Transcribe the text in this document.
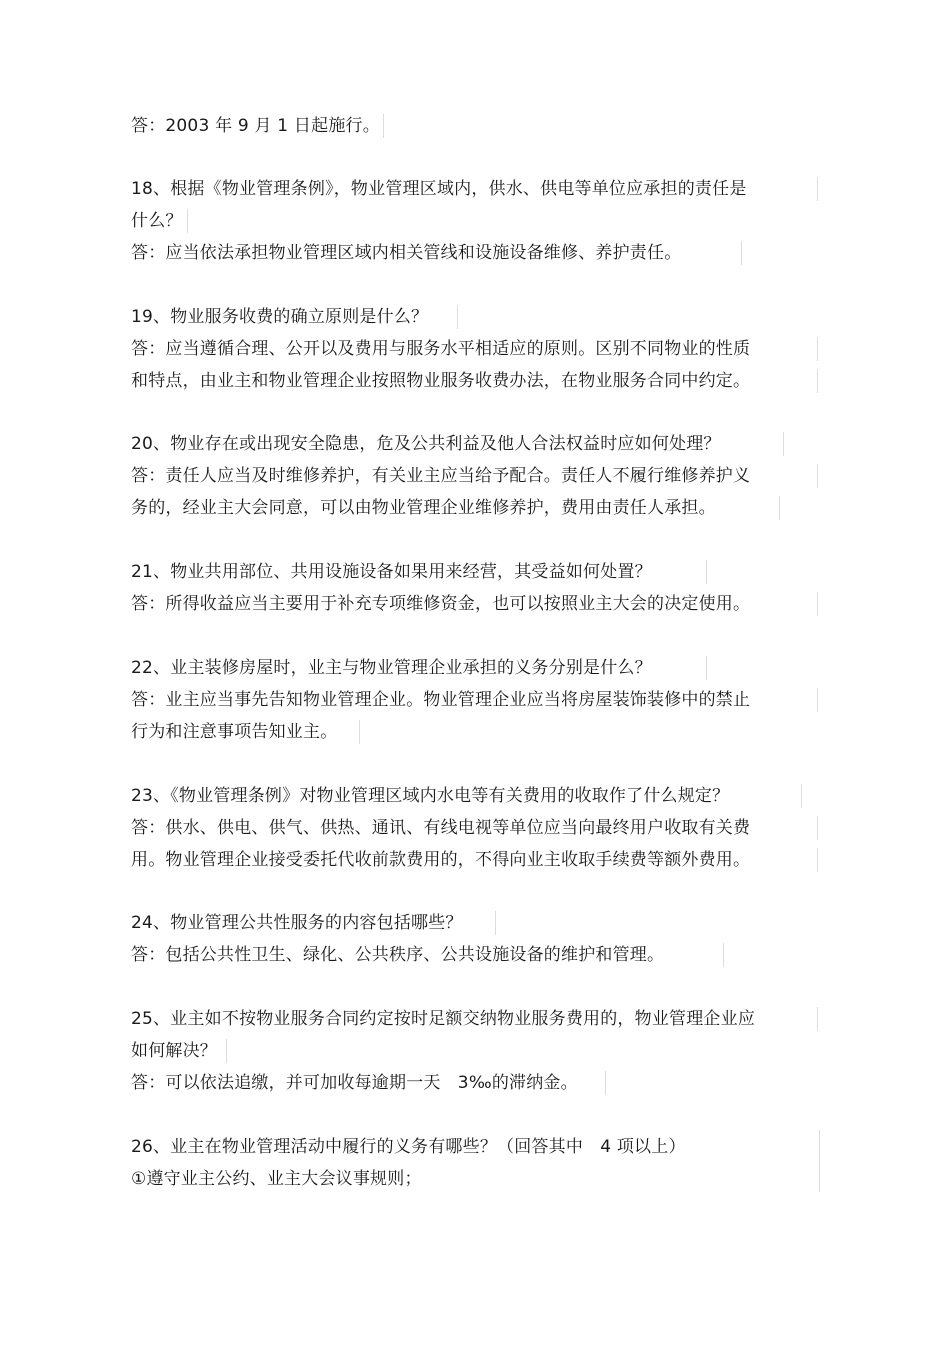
答：2003 年 9 月 1 日起施行。
18、根据《物业管理条例》，物业管理区域内，供水、供电等单位应承担的责任是
什么？
答：应当依法承担物业管理区域内相关管线和设施设备维修、养护责任。
19、物业服务收费的确立原则是什么？
答：应当遵循合理、公开以及费用与服务水平相适应的原则。区别不同物业的性质
和特点，由业主和物业管理企业按照物业服务收费办法，在物业服务合同中约定。
20、物业存在或出现安全隐患，危及公共利益及他人合法权益时应如何处理？
答：责任人应当及时维修养护，有关业主应当给予配合。责任人不履行维修养护义
务的，经业主大会同意，可以由物业管理企业维修养护，费用由责任人承担。
21、物业共用部位、共用设施设备如果用来经营，其受益如何处置？
答：所得收益应当主要用于补充专项维修资金，也可以按照业主大会的决定使用。
22、业主装修房屋时，业主与物业管理企业承担的义务分别是什么？
答：业主应当事先告知物业管理企业。物业管理企业应当将房屋装饰装修中的禁止
行为和注意事项告知业主。
23、《物业管理条例》对物业管理区域内水电等有关费用的收取作了什么规定？
答：供水、供电、供气、供热、通讯、有线电视等单位应当向最终用户收取有关费
用。物业管理企业接受委托代收前款费用的，不得向业主收取手续费等额外费用。
24、物业管理公共性服务的内容包括哪些？
答：包括公共性卫生、绿化、公共秩序、公共设施设备的维护和管理。
25、业主如不按物业服务合同约定按时足额交纳物业服务费用的，物业管理企业应
如何解决？
答：可以依法追缴，并可加收每逾期一天　3‰的滞纳金。
26、业主在物业管理活动中履行的义务有哪些？（回答其中　4 项以上）
①遵守业主公约、业主大会议事规则；
